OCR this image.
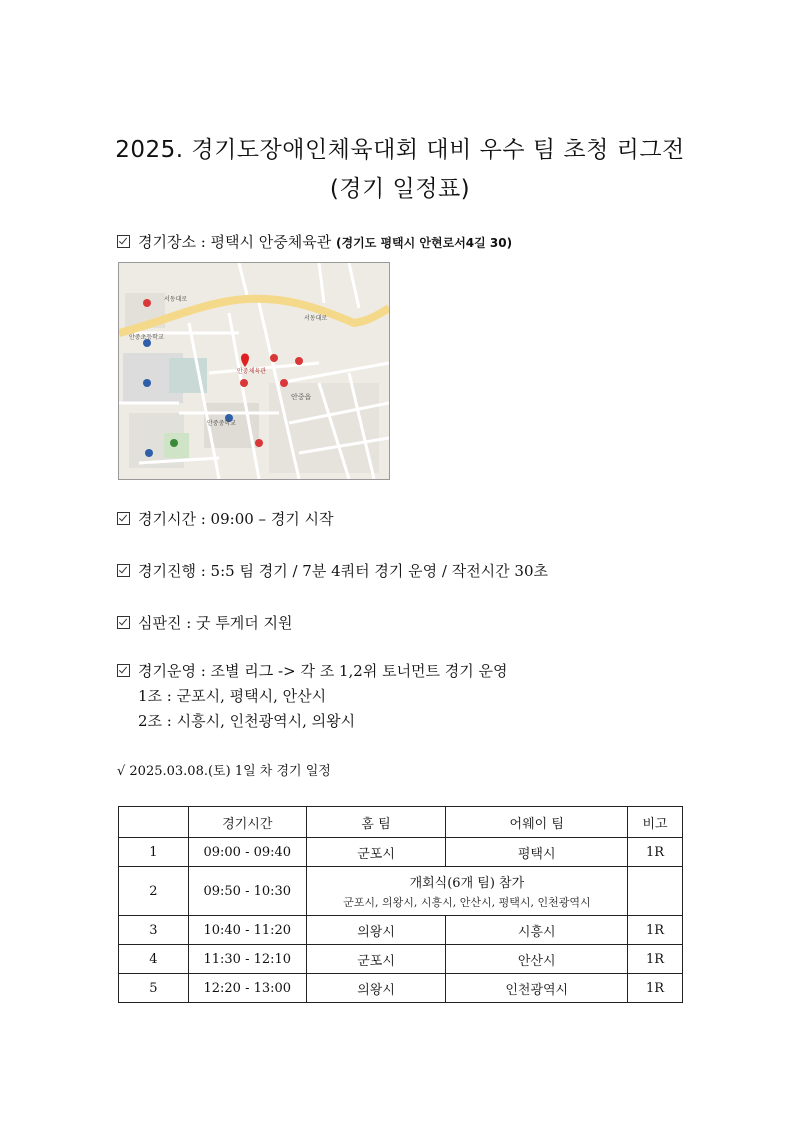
2025. 경기도장애인체육대회 대비 우수 팀 초청 리그전
(경기 일정표)
경기장소 : 평택시 안중체육관 (경기도 평택시 안현로서4길 30)
서동대로
서동대로
안중읍
안중초등학교
안중중학교
안중체육관
경기시간 : 09:00 – 경기 시작
경기진행 : 5:5 팀 경기 / 7분 4쿼터 경기 운영 / 작전시간 30초
심판진 : 굿 투게더 지원
경기운영 : 조별 리그 -> 각 조 1,2위 토너먼트 경기 운영
1조 : 군포시, 평택시, 안산시
2조 : 시흥시, 인천광역시, 의왕시
√ 2025.03.08.(토) 1일 차 경기 일정
	경기시간	홈 팀	어웨이 팀	비고
1	09:00 - 09:40	군포시	평택시	1R
2	09:50 - 10:30	개회식(6개 팀) 참가
군포시, 의왕시, 시흥시, 안산시, 평택시, 인천광역시		

3	10:40 - 11:20	의왕시	시흥시	1R
4	11:30 - 12:10	군포시	안산시	1R
5	12:20 - 13:00	의왕시	인천광역시	1R
